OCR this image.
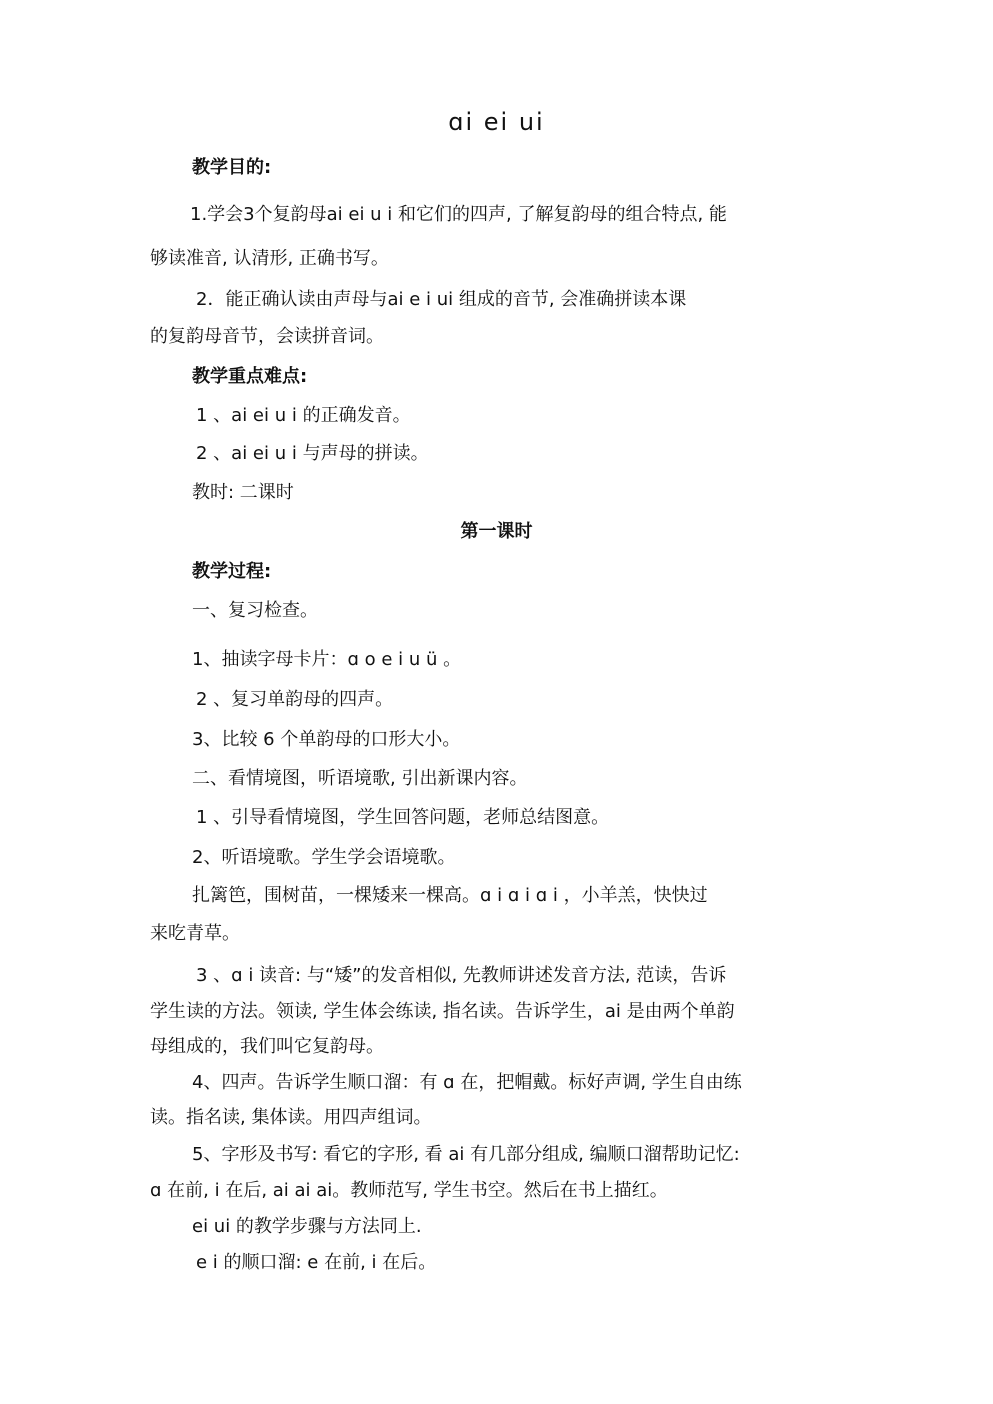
ɑi ei ui
教学目的:
1.学会3个复韵母ai ei u i 和它们的四声, 了解复韵母的组合特点, 能
够读准音, 认清形, 正确书写。
2．能正确认读由声母与ai e i ui 组成的音节, 会准确拼读本课
的复韵母音节，会读拼音词。
教学重点难点:
1 、ai ei u i 的正确发音。
2 、ai ei u i 与声母的拼读。
教时: 二课时
第一课时
教学过程:
一、复习检查。
1、抽读字母卡片：ɑ o e i u ü 。
2 、复习单韵母的四声。
3、比较 6 个单韵母的口形大小。
二、看情境图，听语境歌, 引出新课内容。
1 、引导看情境图，学生回答问题，老师总结图意。
2、听语境歌。学生学会语境歌。
扎篱笆，围树苗，一棵矮来一棵高。ɑ i ɑ i ɑ i ，小羊羔，快快过
来吃青草。
3 、ɑ i 读音: 与“矮”的发音相似, 先教师讲述发音方法, 范读，告诉
学生读的方法。领读, 学生体会练读, 指名读。告诉学生，ai 是由两个单韵
母组成的，我们叫它复韵母。
4、四声。告诉学生顺口溜：有 ɑ 在，把帽戴。标好声调, 学生自由练
读。指名读, 集体读。用四声组词。
5、字形及书写: 看它的字形, 看 ai 有几部分组成, 编顺口溜帮助记忆:
ɑ 在前, i 在后, ai ai ai。教师范写, 学生书空。然后在书上描红。
ei ui 的教学步骤与方法同上.
e i 的顺口溜: e 在前, i 在后。
